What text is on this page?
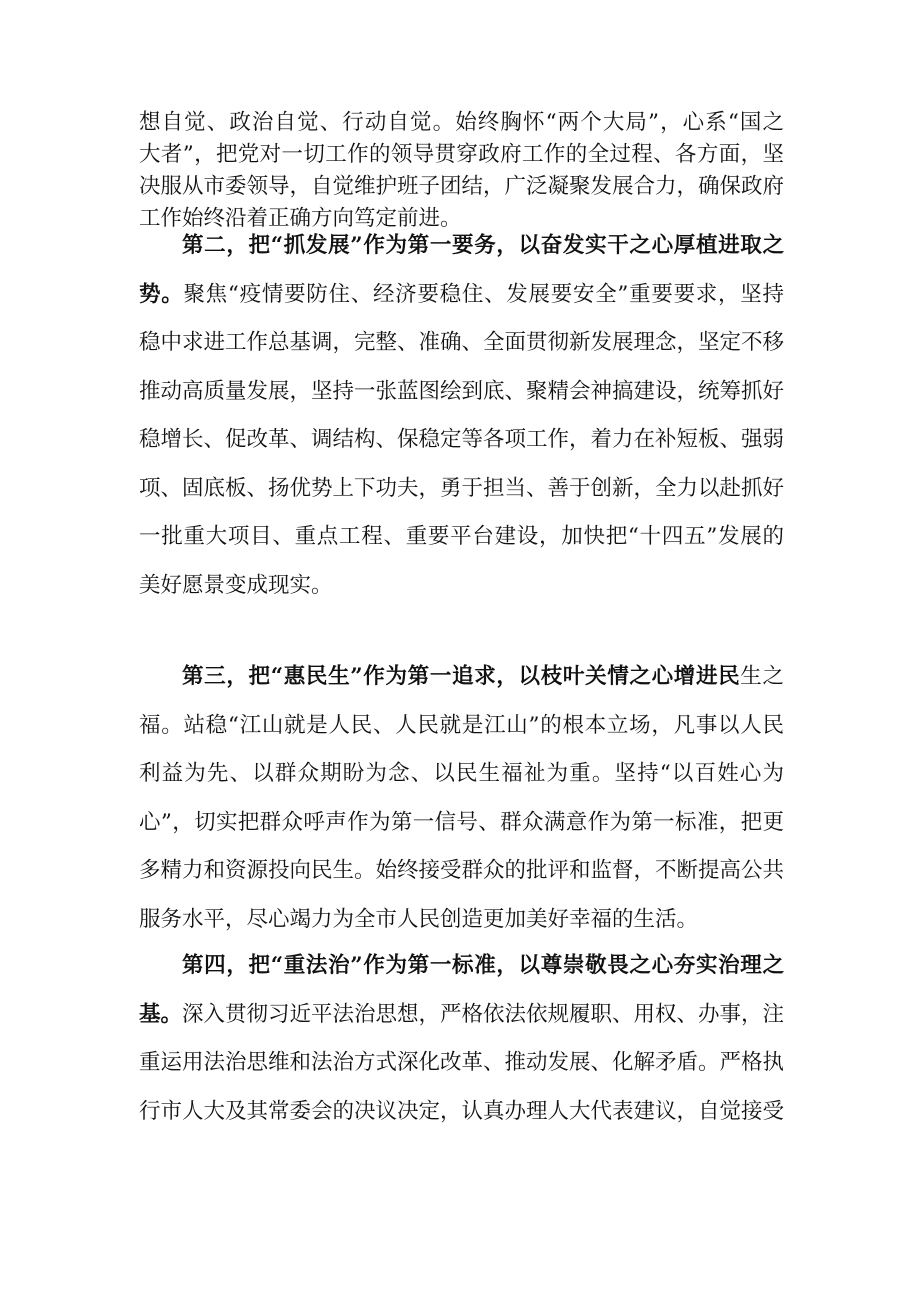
想自觉、政治自觉、行动自觉。始终胸怀“两个大局”，心系“国之
大者”，把党对一切工作的领导贯穿政府工作的全过程、各方面，坚
决服从市委领导，自觉维护班子团结，广泛凝聚发展合力，确保政府
工作始终沿着正确方向笃定前进。
第二，把“抓发展”作为第一要务，以奋发实干之心厚植进取之
势。聚焦“疫情要防住、经济要稳住、发展要安全”重要要求，坚持
稳中求进工作总基调，完整、准确、全面贯彻新发展理念，坚定不移
推动高质量发展，坚持一张蓝图绘到底、聚精会神搞建设，统筹抓好
稳增长、促改革、调结构、保稳定等各项工作，着力在补短板、强弱
项、固底板、扬优势上下功夫，勇于担当、善于创新，全力以赴抓好
一批重大项目、重点工程、重要平台建设，加快把“十四五”发展的
美好愿景变成现实。
第三，把“惠民生”作为第一追求，以枝叶关情之心增进民生之
福。站稳“江山就是人民、人民就是江山”的根本立场，凡事以人民
利益为先、以群众期盼为念、以民生福祉为重。坚持“以百姓心为
心”，切实把群众呼声作为第一信号、群众满意作为第一标准，把更
多精力和资源投向民生。始终接受群众的批评和监督，不断提高公共
服务水平，尽心竭力为全市人民创造更加美好幸福的生活。
第四，把“重法治”作为第一标准，以尊崇敬畏之心夯实治理之
基。深入贯彻习近平法治思想，严格依法依规履职、用权、办事，注
重运用法治思维和法治方式深化改革、推动发展、化解矛盾。严格执
行市人大及其常委会的决议决定，认真办理人大代表建议，自觉接受
